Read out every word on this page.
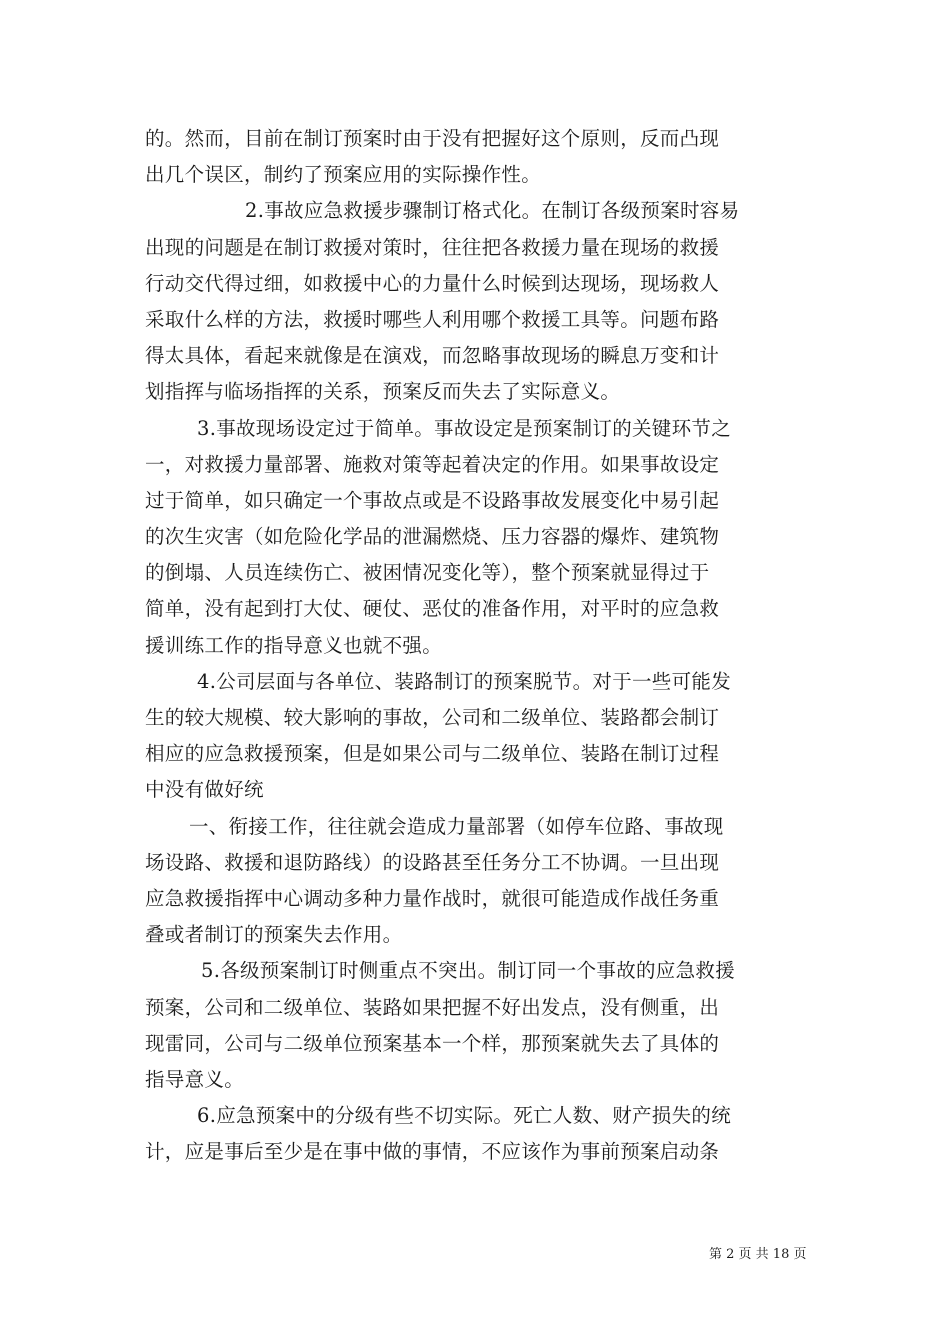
的。然而，目前在制订预案时由于没有把握好这个原则，反而凸现
出几个误区，制约了预案应用的实际操作性。
2.事故应急救援步骤制订格式化。在制订各级预案时容易
出现的问题是在制订救援对策时，往往把各救援力量在现场的救援
行动交代得过细，如救援中心的力量什么时候到达现场，现场救人
采取什么样的方法，救援时哪些人利用哪个救援工具等。问题布路
得太具体，看起来就像是在演戏，而忽略事故现场的瞬息万变和计
划指挥与临场指挥的关系，预案反而失去了实际意义。
3.事故现场设定过于简单。事故设定是预案制订的关键环节之
一，对救援力量部署、施救对策等起着决定的作用。如果事故设定
过于简单，如只确定一个事故点或是不设路事故发展变化中易引起
的次生灾害（如危险化学品的泄漏燃烧、压力容器的爆炸、建筑物
的倒塌、人员连续伤亡、被困情况变化等），整个预案就显得过于
简单，没有起到打大仗、硬仗、恶仗的准备作用，对平时的应急救
援训练工作的指导意义也就不强。
4.公司层面与各单位、装路制订的预案脱节。对于一些可能发
生的较大规模、较大影响的事故，公司和二级单位、装路都会制订
相应的应急救援预案，但是如果公司与二级单位、装路在制订过程
中没有做好统
一、衔接工作，往往就会造成力量部署（如停车位路、事故现
场设路、救援和退防路线）的设路甚至任务分工不协调。一旦出现
应急救援指挥中心调动多种力量作战时，就很可能造成作战任务重
叠或者制订的预案失去作用。
5.各级预案制订时侧重点不突出。制订同一个事故的应急救援
预案，公司和二级单位、装路如果把握不好出发点，没有侧重，出
现雷同，公司与二级单位预案基本一个样，那预案就失去了具体的
指导意义。
6.应急预案中的分级有些不切实际。死亡人数、财产损失的统
计，应是事后至少是在事中做的事情，不应该作为事前预案启动条
第 2 页 共 18 页
